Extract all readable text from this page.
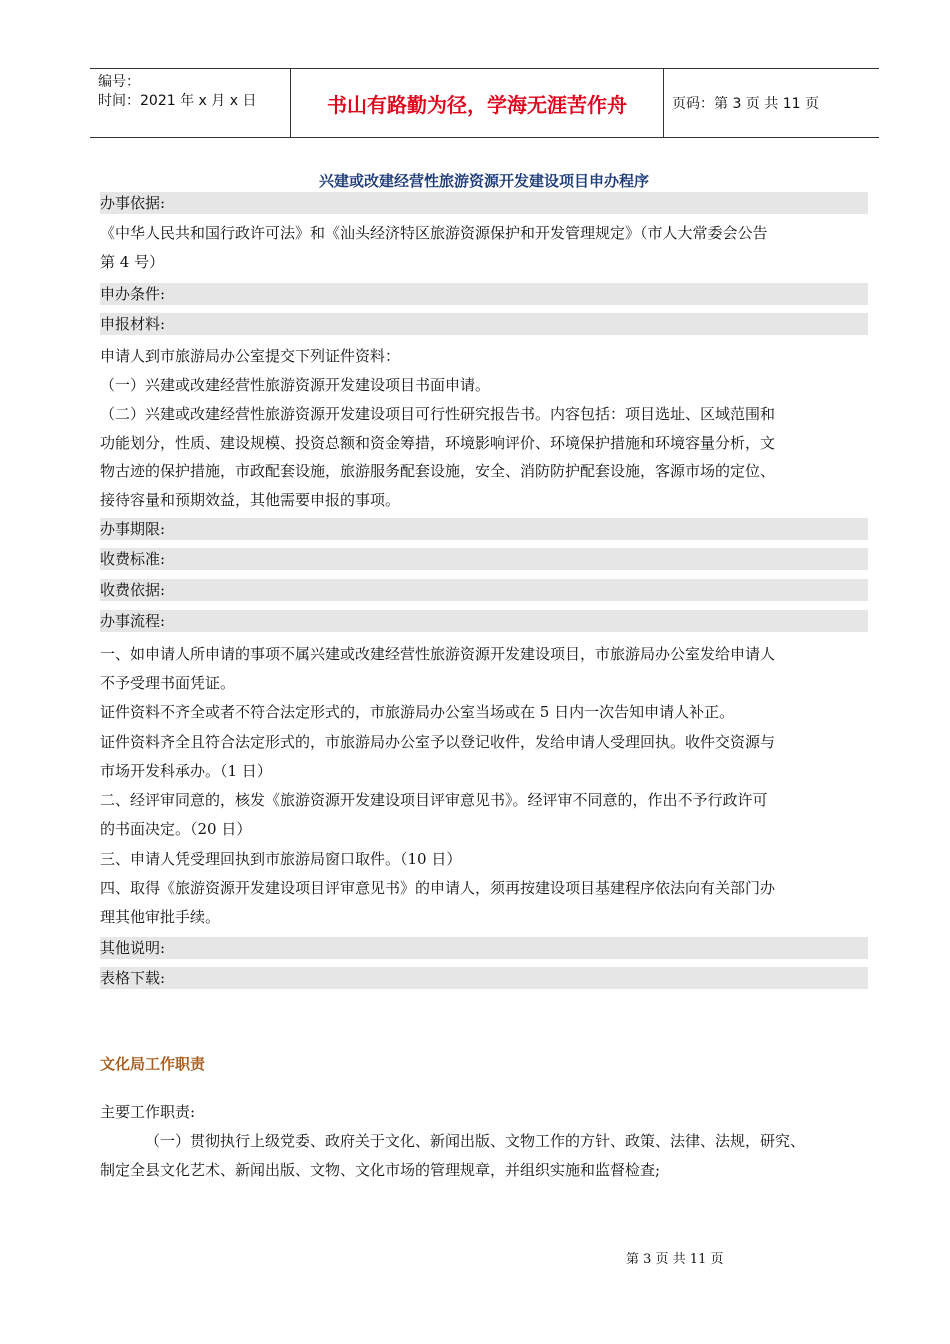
编号：
时间：2021 年 x 月 x 日	书山有路勤为径，学海无涯苦作舟	页码：第 3 页 共 11 页
兴建或改建经营性旅游资源开发建设项目申办程序
办事依据:
《中华人民共和国行政许可法》和《汕头经济特区旅游资源保护和开发管理规定》（市人大常委会公告
第 4 号）
申办条件:
申报材料:
申请人到市旅游局办公室提交下列证件资料：
（一）兴建或改建经营性旅游资源开发建设项目书面申请。
（二）兴建或改建经营性旅游资源开发建设项目可行性研究报告书。内容包括：项目选址、区域范围和
功能划分，性质、建设规模、投资总额和资金筹措，环境影响评价、环境保护措施和环境容量分析，文
物古迹的保护措施，市政配套设施，旅游服务配套设施，安全、消防防护配套设施，客源市场的定位、
接待容量和预期效益，其他需要申报的事项。
办事期限:
收费标准:
收费依据:
办事流程:
一、如申请人所申请的事项不属兴建或改建经营性旅游资源开发建设项目，市旅游局办公室发给申请人
不予受理书面凭证。
证件资料不齐全或者不符合法定形式的，市旅游局办公室当场或在 5 日内一次告知申请人补正。
证件资料齐全且符合法定形式的，市旅游局办公室予以登记收件，发给申请人受理回执。收件交资源与
市场开发科承办。（1 日）
二、经评审同意的，核发《旅游资源开发建设项目评审意见书》。经评审不同意的，作出不予行政许可
的书面决定。（20 日）
三、申请人凭受理回执到市旅游局窗口取件。（10 日）
四、取得《旅游资源开发建设项目评审意见书》的申请人，须再按建设项目基建程序依法向有关部门办
理其他审批手续。
其他说明:
表格下载:
文化局工作职责
主要工作职责:
（一）贯彻执行上级党委、政府关于文化、新闻出版、文物工作的方针、政策、法律、法规，研究、
制定全县文化艺术、新闻出版、文物、文化市场的管理规章，并组织实施和监督检查;
第 3 页 共 11 页
